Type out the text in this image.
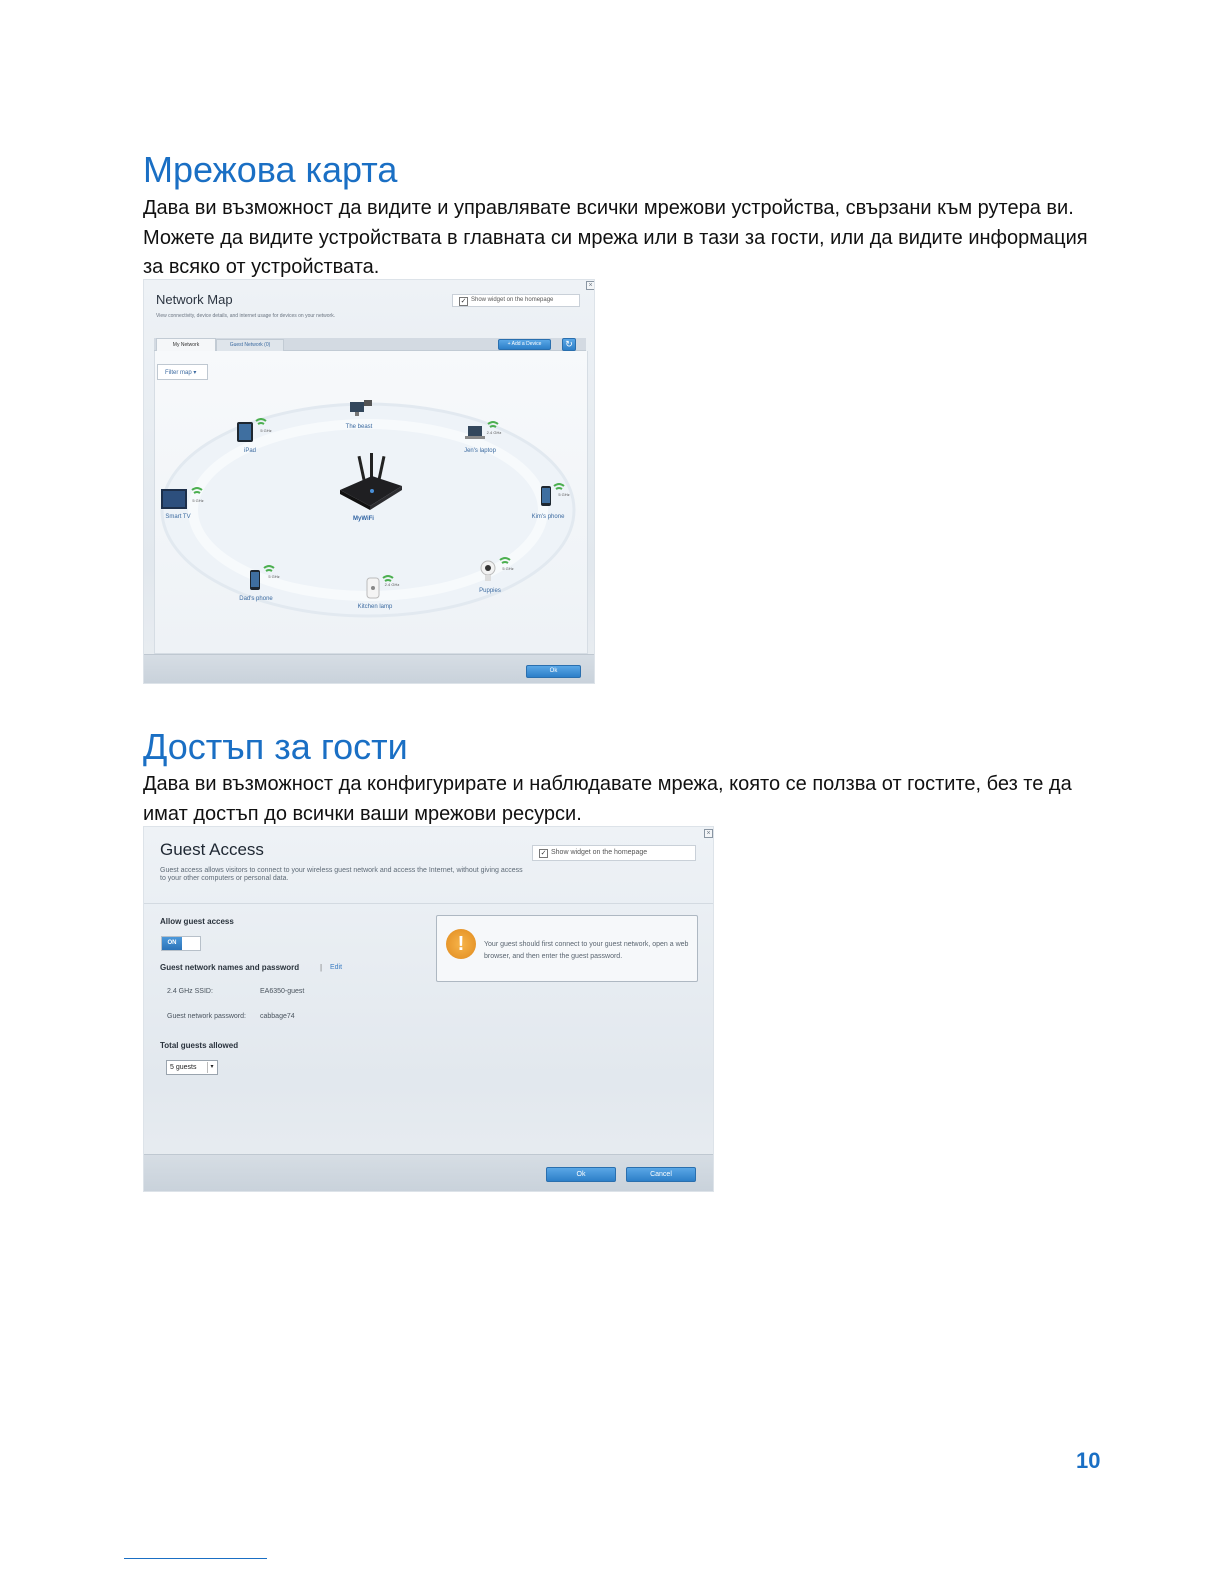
Мрежова карта

Дава ви възможност да видите и управлявате всички мрежови устройства, свързани към рутера ви. Можете да видите устройствата в главната си мрежа или в тази за гости, или да видите информация за всяко от устройствата.

Network Map
View connectivity, device details, and internet usage for devices on your network.
×
✓ Show widget on the homepage
My Network	Guest Network (0)	+ Add a Device	↻
Filter map ▾
MyWiFi
The beast
iPad
5 GHz
Jen's laptop
2.4 GHz
Smart TV
5 GHz
Kim's phone
5 GHz
Dad's phone
5 GHz
Kitchen lamp
2.4 GHz
Puppies
5 GHz
Ok
Достъп за гости

Дава ви възможност да конфигурирате и наблюдавате мрежа, която се ползва от гостите, без те да имат достъп до всички ваши мрежови ресурси.

Guest Access
Guest access allows visitors to connect to your wireless guest network and access the Internet, without giving access to your other computers or personal data.
×
✓ Show widget on the homepage
Allow guest access
ON
Guest network names and password	| Edit
2.4 GHz SSID:	EA6350-guest
Guest network password: cabbage74
Total guests allowed
5 guests	▾
!	Your guest should first connect to your guest network, open a web browser, and then enter the guest password.
Ok	Cancel
10
